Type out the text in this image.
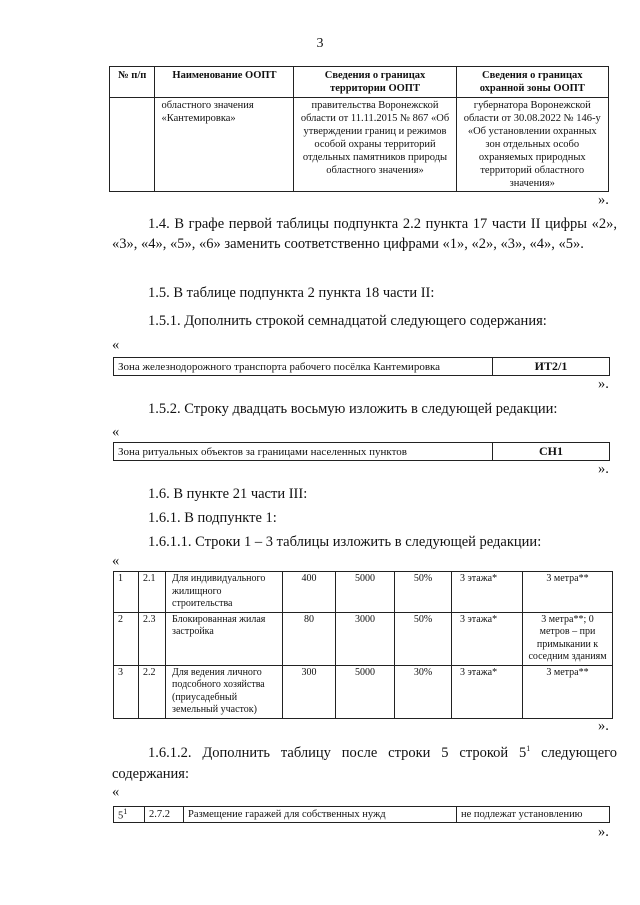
3
№ п/п	Наименование ООПТ	Сведения о границах территории ООПТ	Сведения о границах охранной зоны ООПТ
	областного значения «Кантемировка»	правительства Воронежской области от 11.11.2015 № 867 «Об утверждении границ и режимов особой охраны территорий отдельных памятников природы областного значения»	губернатора Воронежской области от 30.08.2022 № 146-у «Об установлении охранных зон отдельных особо охраняемых природных территорий областного значения»
».
1.4. В графе первой таблицы подпункта 2.2 пункта 17 части II цифры «2», «3», «4», «5», «6» заменить соответственно цифрами «1», «2», «3», «4», «5».
1.5. В таблице подпункта 2 пункта 18 части II:
1.5.1. Дополнить строкой семнадцатой следующего содержания:
«
Зона железнодорожного транспорта рабочего посёлка Кантемировка	ИТ2/1
».
1.5.2. Строку двадцать восьмую изложить в следующей редакции:
«
Зона ритуальных объектов за границами населенных пунктов	СН1
».
1.6. В пункте 21 части III:
1.6.1. В подпункте 1:
1.6.1.1. Строки 1 – 3 таблицы изложить в следующей редакции:
«
1	2.1	Для индивидуального жилищного строительства	400	5000	50%	3 этажа*	3 метра**
2	2.3	Блокированная жилая застройка	80	3000	50%	3 этажа*	3 метра**; 0 метров – при примыкании к соседним зданиям
3	2.2	Для ведения личного подсобного хозяйства (приусадебный земельный участок)	300	5000	30%	3 этажа*	3 метра**
».
1.6.1.2. Дополнить таблицу после строки 5 строкой $5^1$ следующего содержания:
«
$5^1$	2.7.2	Размещение гаражей для собственных нужд	не подлежат установлению
».
